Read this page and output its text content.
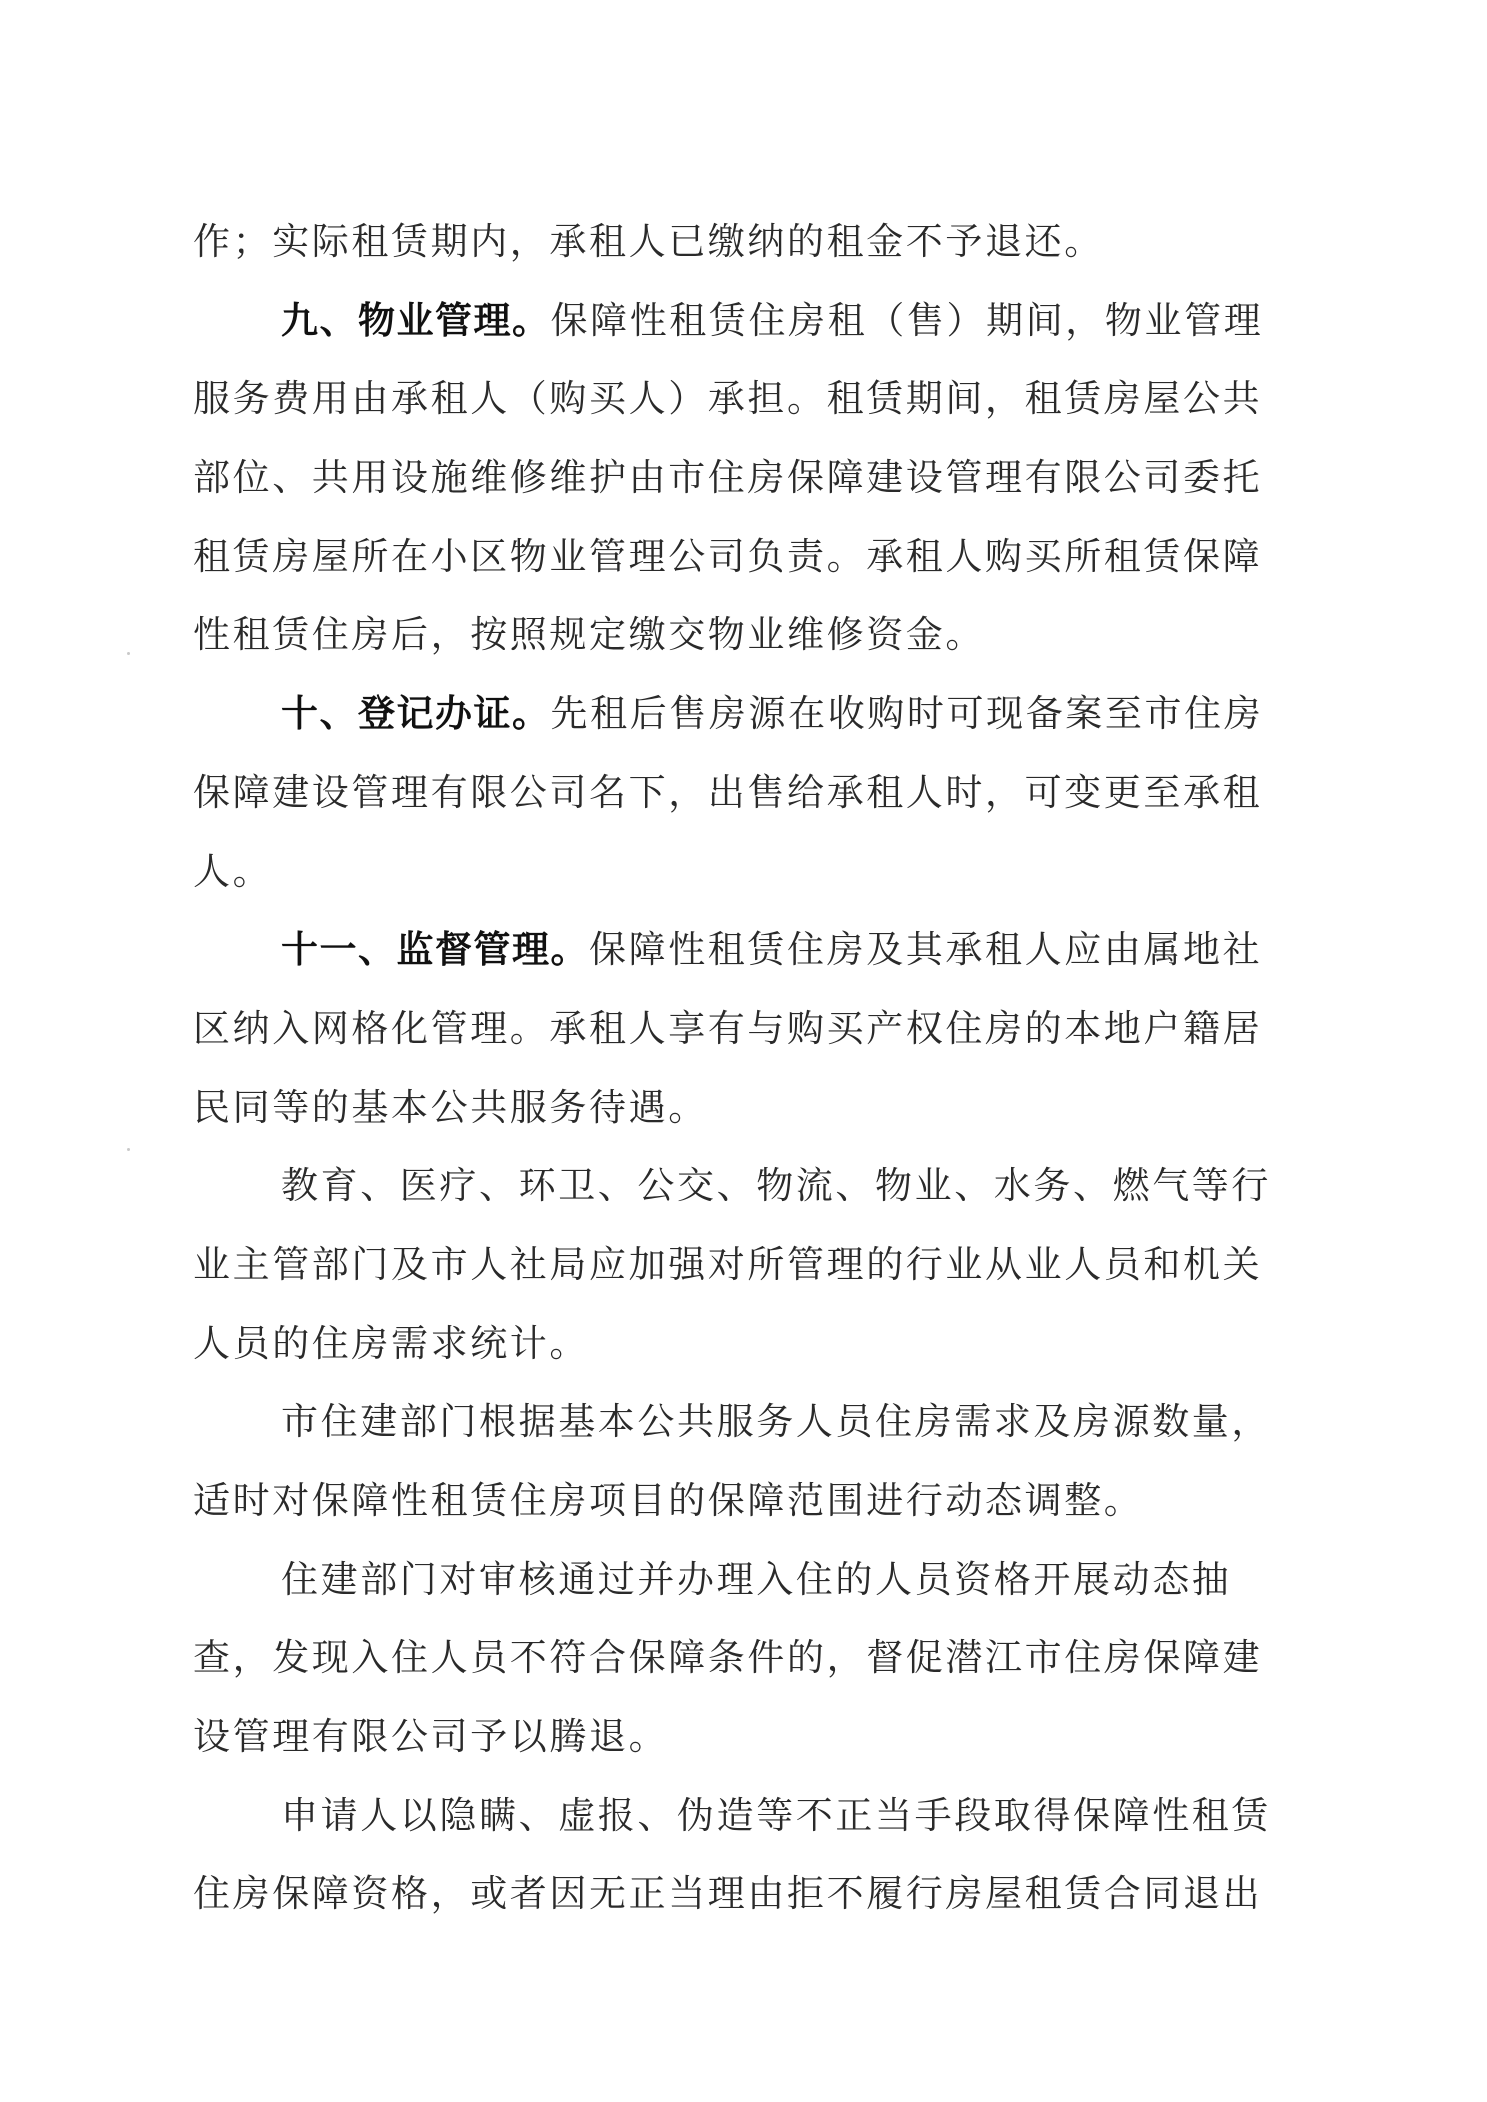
作；实际租赁期内，承租人已缴纳的租金不予退还。
九、物业管理。保障性租赁住房租（售）期间，物业管理
服务费用由承租人（购买人）承担。租赁期间，租赁房屋公共
部位、共用设施维修维护由市住房保障建设管理有限公司委托
租赁房屋所在小区物业管理公司负责。承租人购买所租赁保障
性租赁住房后，按照规定缴交物业维修资金。
十、登记办证。先租后售房源在收购时可现备案至市住房
保障建设管理有限公司名下，出售给承租人时，可变更至承租
人。
十一、监督管理。保障性租赁住房及其承租人应由属地社
区纳入网格化管理。承租人享有与购买产权住房的本地户籍居
民同等的基本公共服务待遇。
教育、医疗、环卫、公交、物流、物业、水务、燃气等行
业主管部门及市人社局应加强对所管理的行业从业人员和机关
人员的住房需求统计。
市住建部门根据基本公共服务人员住房需求及房源数量，
适时对保障性租赁住房项目的保障范围进行动态调整。
住建部门对审核通过并办理入住的人员资格开展动态抽
查，发现入住人员不符合保障条件的，督促潜江市住房保障建
设管理有限公司予以腾退。
申请人以隐瞒、虚报、伪造等不正当手段取得保障性租赁
住房保障资格，或者因无正当理由拒不履行房屋租赁合同退出
